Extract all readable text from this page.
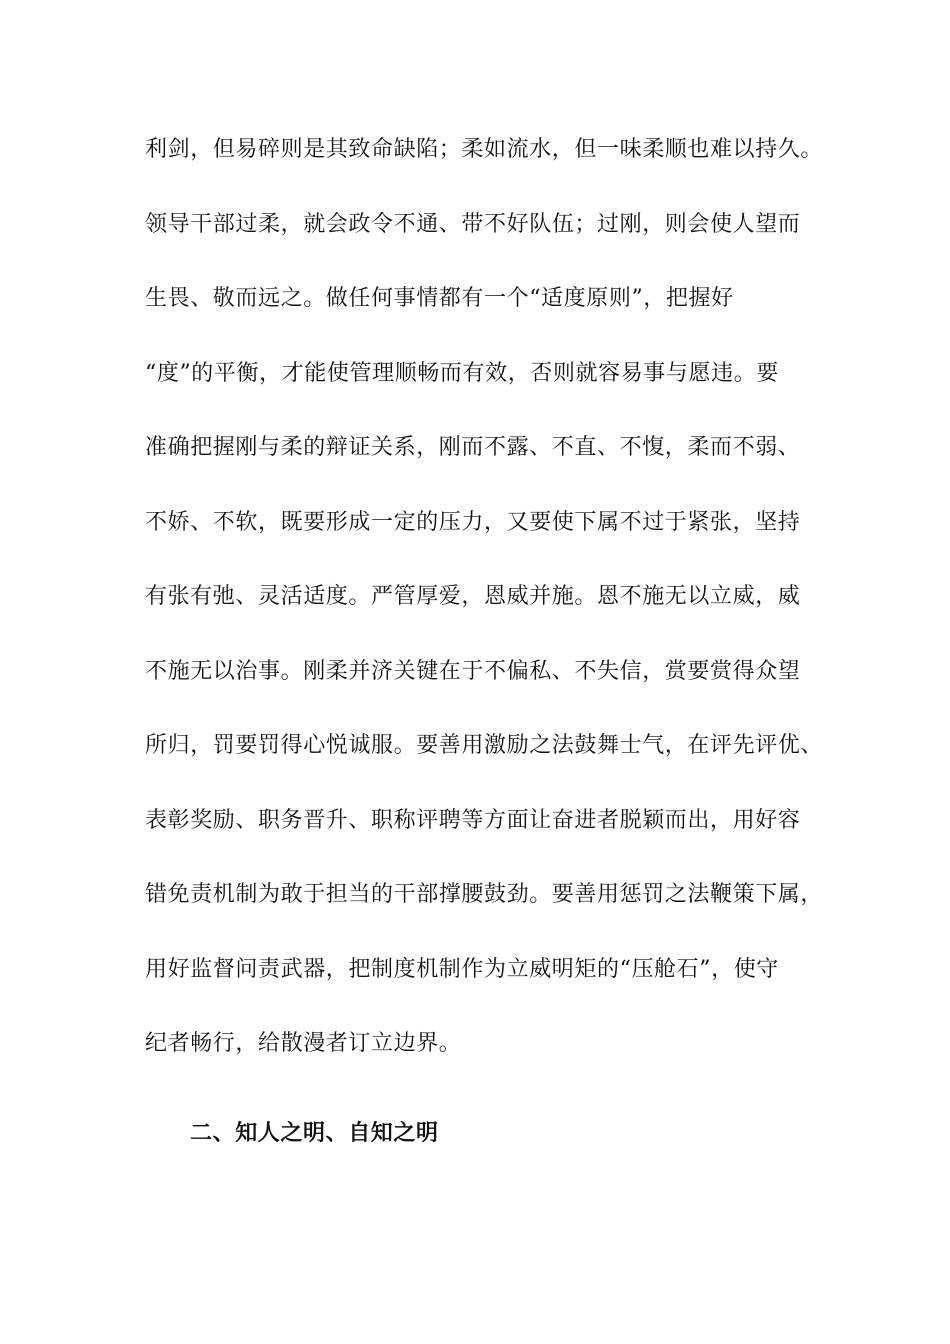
利剑，但易碎则是其致命缺陷；柔如流水，但一味柔顺也难以持久。
领导干部过柔，就会政令不通、带不好队伍；过刚，则会使人望而
生畏、敬而远之。做任何事情都有一个“适度原则”，把握好
“度”的平衡，才能使管理顺畅而有效，否则就容易事与愿违。要
准确把握刚与柔的辩证关系，刚而不露、不直、不愎，柔而不弱、
不娇、不软，既要形成一定的压力，又要使下属不过于紧张，坚持
有张有弛、灵活适度。严管厚爱，恩威并施。恩不施无以立威，威
不施无以治事。刚柔并济关键在于不偏私、不失信，赏要赏得众望
所归，罚要罚得心悦诚服。要善用激励之法鼓舞士气，在评先评优、
表彰奖励、职务晋升、职称评聘等方面让奋进者脱颖而出，用好容
错免责机制为敢于担当的干部撑腰鼓劲。要善用惩罚之法鞭策下属，
用好监督问责武器，把制度机制作为立威明矩的“压舱石”，使守
纪者畅行，给散漫者订立边界。
二、知人之明、自知之明
